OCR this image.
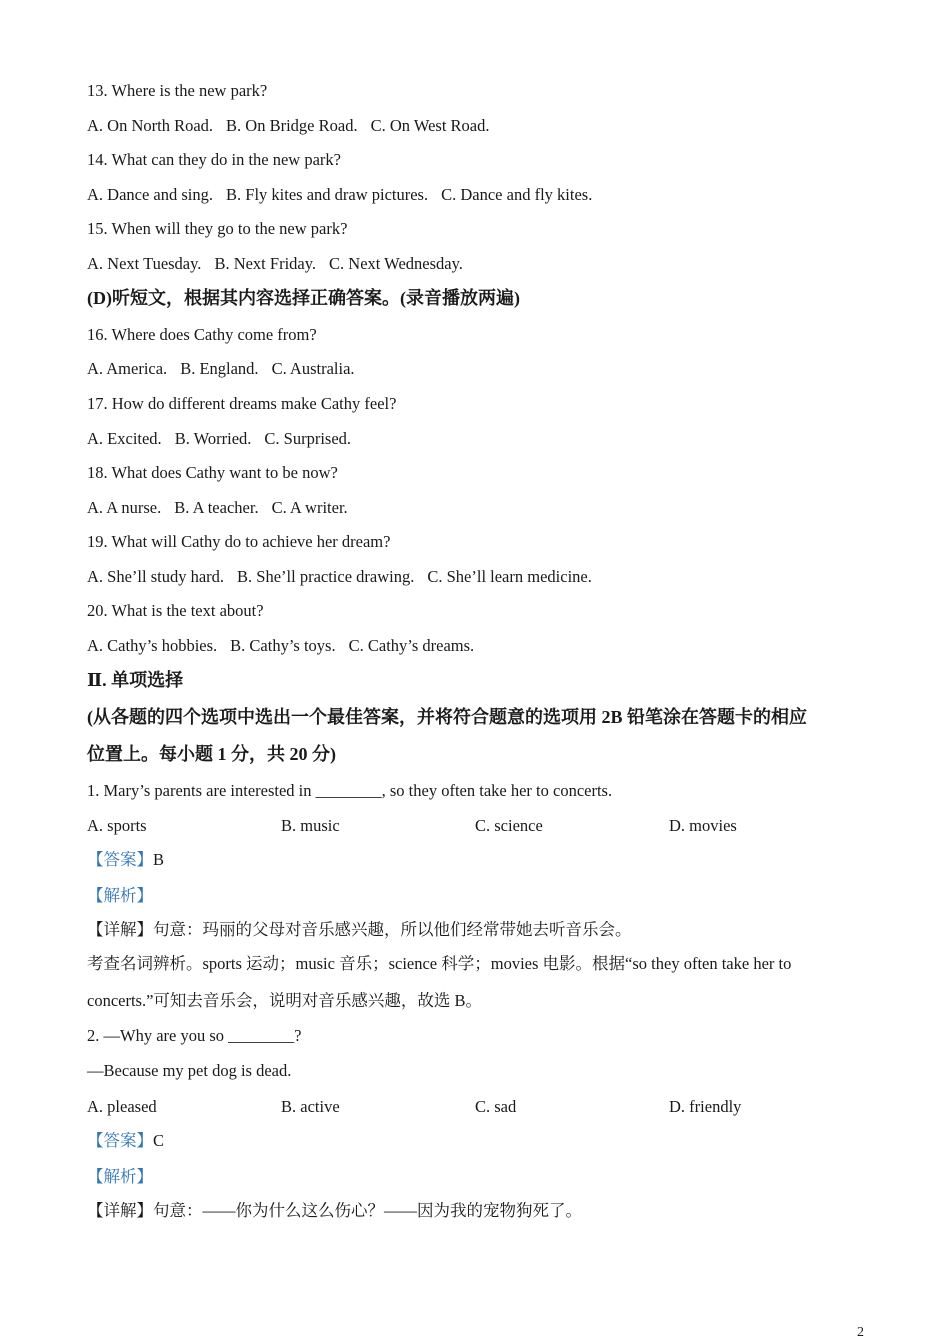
13. Where is the new park?
A. On North Road. B. On Bridge Road. C. On West Road.
14. What can they do in the new park?
A. Dance and sing. B. Fly kites and draw pictures. C. Dance and fly kites.
15. When will they go to the new park?
A. Next Tuesday. B. Next Friday. C. Next Wednesday.
(D)听短文，根据其内容选择正确答案。(录音播放两遍)
16. Where does Cathy come from?
A. America. B. England. C. Australia.
17. How do different dreams make Cathy feel?
A. Excited. B. Worried. C. Surprised.
18. What does Cathy want to be now?
A. A nurse. B. A teacher. C. A writer.
19. What will Cathy do to achieve her dream?
A. She’ll study hard. B. She’ll practice drawing. C. She’ll learn medicine.
20. What is the text about?
A. Cathy’s hobbies. B. Cathy’s toys. C. Cathy’s dreams.
Ⅱ. 单项选择
(从各题的四个选项中选出一个最佳答案，并将符合题意的选项用 2B 铅笔涂在答题卡的相应
位置上。每小题 1 分，共 20 分)
1. Mary’s parents are interested in ________, so they often take her to concerts.
A. sports	B. music	C. science	D. movies
【答案】B
【解析】
【详解】句意：玛丽的父母对音乐感兴趣，所以他们经常带她去听音乐会。
考查名词辨析。sports 运动；music 音乐；science 科学；movies 电影。根据“so they often take her to
concerts.”可知去音乐会，说明对音乐感兴趣，故选 B。
2. —Why are you so ________?
—Because my pet dog is dead.
A. pleased	B. active	C. sad	D. friendly
【答案】C
【解析】
【详解】句意：——你为什么这么伤心？——因为我的宠物狗死了。
2
